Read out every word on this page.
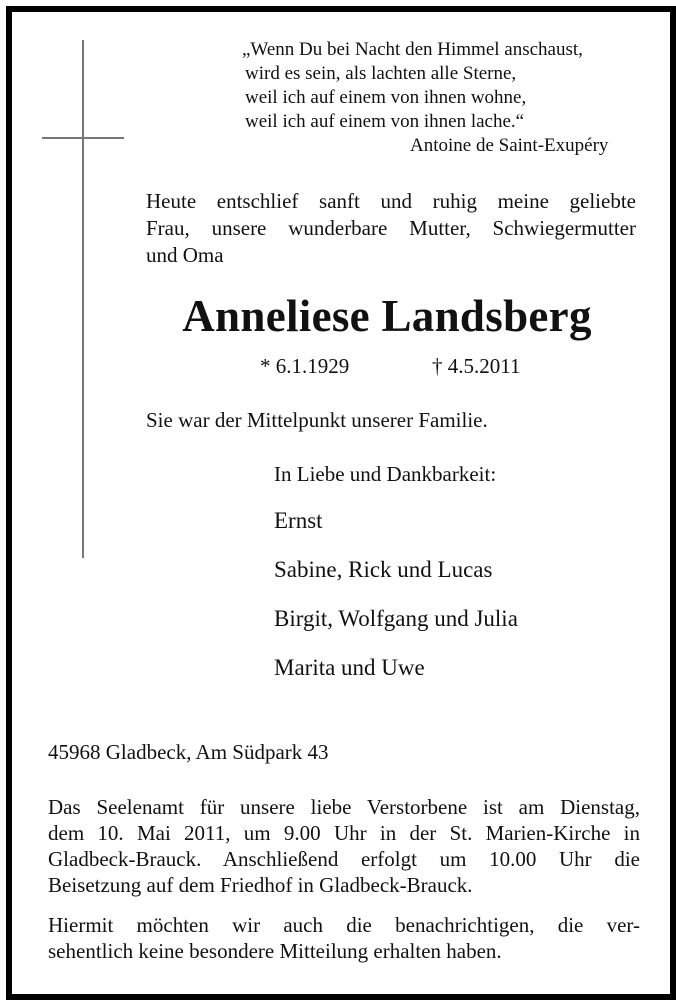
„Wenn Du bei Nacht den Himmel anschaust,
wird es sein, als lachten alle Sterne,
weil ich auf einem von ihnen wohne,
weil ich auf einem von ihnen lache.“
Antoine de Saint-Exupéry
Heute entschlief sanft und ruhig meine geliebte
Frau, unsere wunderbare Mutter, Schwiegermutter
und Oma
Anneliese Landsberg
* 6.1.1929	† 4.5.2011
Sie war der Mittelpunkt unserer Familie.
In Liebe und Dankbarkeit:
Ernst
Sabine, Rick und Lucas
Birgit, Wolfgang und Julia
Marita und Uwe
45968 Gladbeck, Am Südpark 43
Das Seelenamt für unsere liebe Verstorbene ist am Dienstag,
dem 10. Mai 2011, um 9.00 Uhr in der St. Marien-Kirche in
Gladbeck-Brauck. Anschließend erfolgt um 10.00 Uhr die
Beisetzung auf dem Friedhof in Gladbeck-Brauck.
Hiermit möchten wir auch die benachrichtigen, die ver-
sehentlich keine besondere Mitteilung erhalten haben.
